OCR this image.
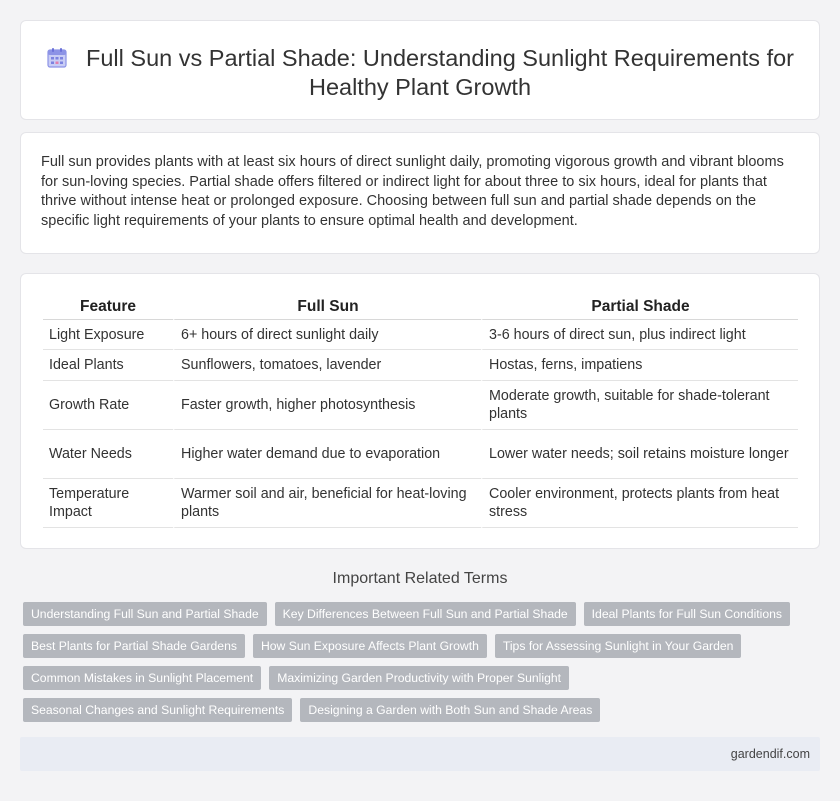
Full Sun vs Partial Shade: Understanding Sunlight Requirements for Healthy Plant Growth
Full sun provides plants with at least six hours of direct sunlight daily, promoting vigorous growth and vibrant blooms for sun-loving species. Partial shade offers filtered or indirect light for about three to six hours, ideal for plants that thrive without intense heat or prolonged exposure. Choosing between full sun and partial shade depends on the specific light requirements of your plants to ensure optimal health and development.
Feature	Full Sun	Partial Shade
Light Exposure	6+ hours of direct sunlight daily	3-6 hours of direct sun, plus indirect light
Ideal Plants	Sunflowers, tomatoes, lavender	Hostas, ferns, impatiens
Growth Rate	Faster growth, higher photosynthesis	Moderate growth, suitable for shade-tolerant plants
Water Needs	Higher water demand due to evaporation	Lower water needs; soil retains moisture longer
Temperature Impact	Warmer soil and air, beneficial for heat-loving plants	Cooler environment, protects plants from heat stress
Important Related Terms
Understanding Full Sun and Partial Shade	Key Differences Between Full Sun and Partial Shade	Ideal Plants for Full Sun Conditions
Best Plants for Partial Shade Gardens	How Sun Exposure Affects Plant Growth	Tips for Assessing Sunlight in Your Garden
Common Mistakes in Sunlight Placement	Maximizing Garden Productivity with Proper Sunlight
Seasonal Changes and Sunlight Requirements	Designing a Garden with Both Sun and Shade Areas
gardendif.com
